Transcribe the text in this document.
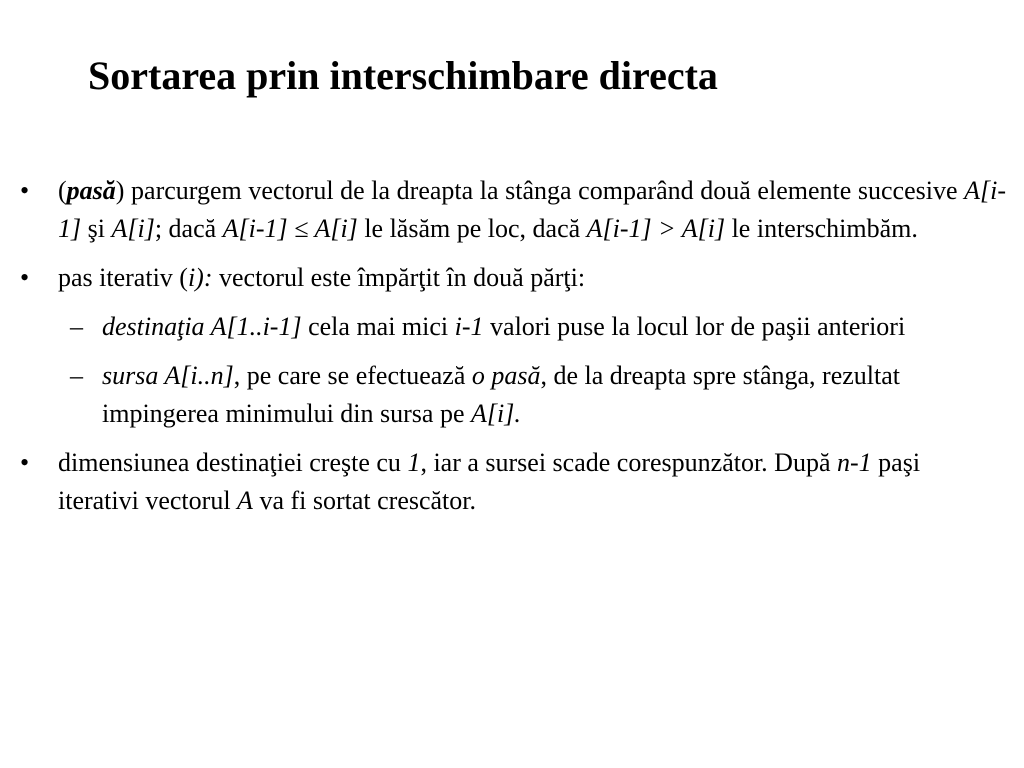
Sortarea prin interschimbare directa
• (pasă) parcurgem vectorul de la dreapta la stânga comparând două elemente succesive A[i-1] şi A[i]; dacă A[i-1] ≤ A[i] le lăsăm pe loc, dacă A[i-1] > A[i] le interschimbăm.
• pas iterativ (i): vectorul este împărţit în două părţi:
– destinaţia A[1..i-1] cela mai mici i-1 valori puse la locul lor de paşii anteriori
– sursa A[i..n], pe care se efectuează o pasă, de la dreapta spre stânga, rezultat impingerea minimului din sursa pe A[i].
• dimensiunea destinaţiei creşte cu 1, iar a sursei scade corespunzător. După n-1 paşi iterativi vectorul A va fi sortat crescător.
